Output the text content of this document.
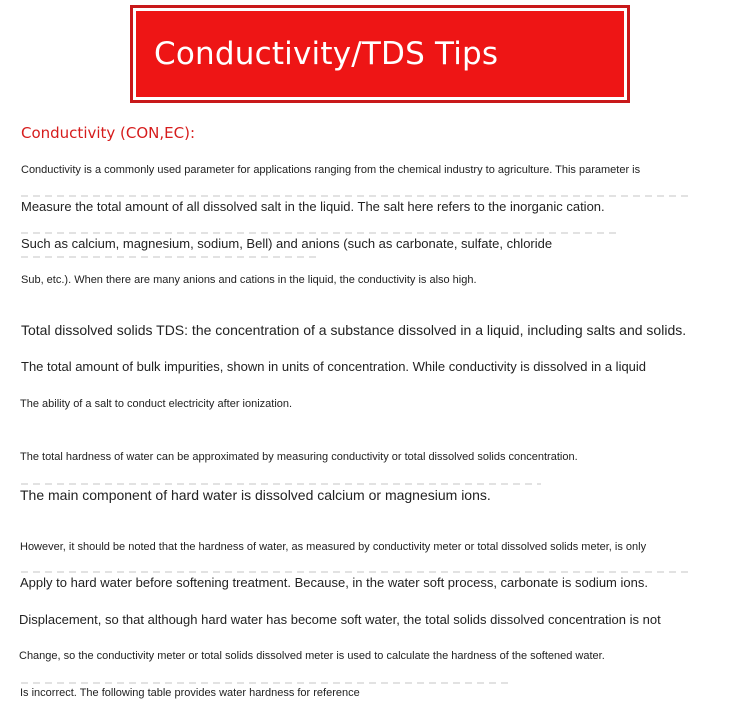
Conductivity/TDS Tips
Conductivity (CON,EC):
Conductivity is a commonly used parameter for applications ranging from the chemical industry to agriculture. This parameter is
Measure the total amount of all dissolved salt in the liquid. The salt here refers to the inorganic cation.
Such as calcium, magnesium, sodium, Bell) and anions (such as carbonate, sulfate, chloride
Sub, etc.). When there are many anions and cations in the liquid, the conductivity is also high.
Total dissolved solids TDS: the concentration of a substance dissolved in a liquid, including salts and solids.
The total amount of bulk impurities, shown in units of concentration. While conductivity is dissolved in a liquid
The ability of a salt to conduct electricity after ionization.
The total hardness of water can be approximated by measuring conductivity or total dissolved solids concentration.
The main component of hard water is dissolved calcium or magnesium ions.
However, it should be noted that the hardness of water, as measured by conductivity meter or total dissolved solids meter, is only
Apply to hard water before softening treatment. Because, in the water soft process, carbonate is sodium ions.
Displacement, so that although hard water has become soft water, the total solids dissolved concentration is not
Change, so the conductivity meter or total solids dissolved meter is used to calculate the hardness of the softened water.
Is incorrect. The following table provides water hardness for reference
